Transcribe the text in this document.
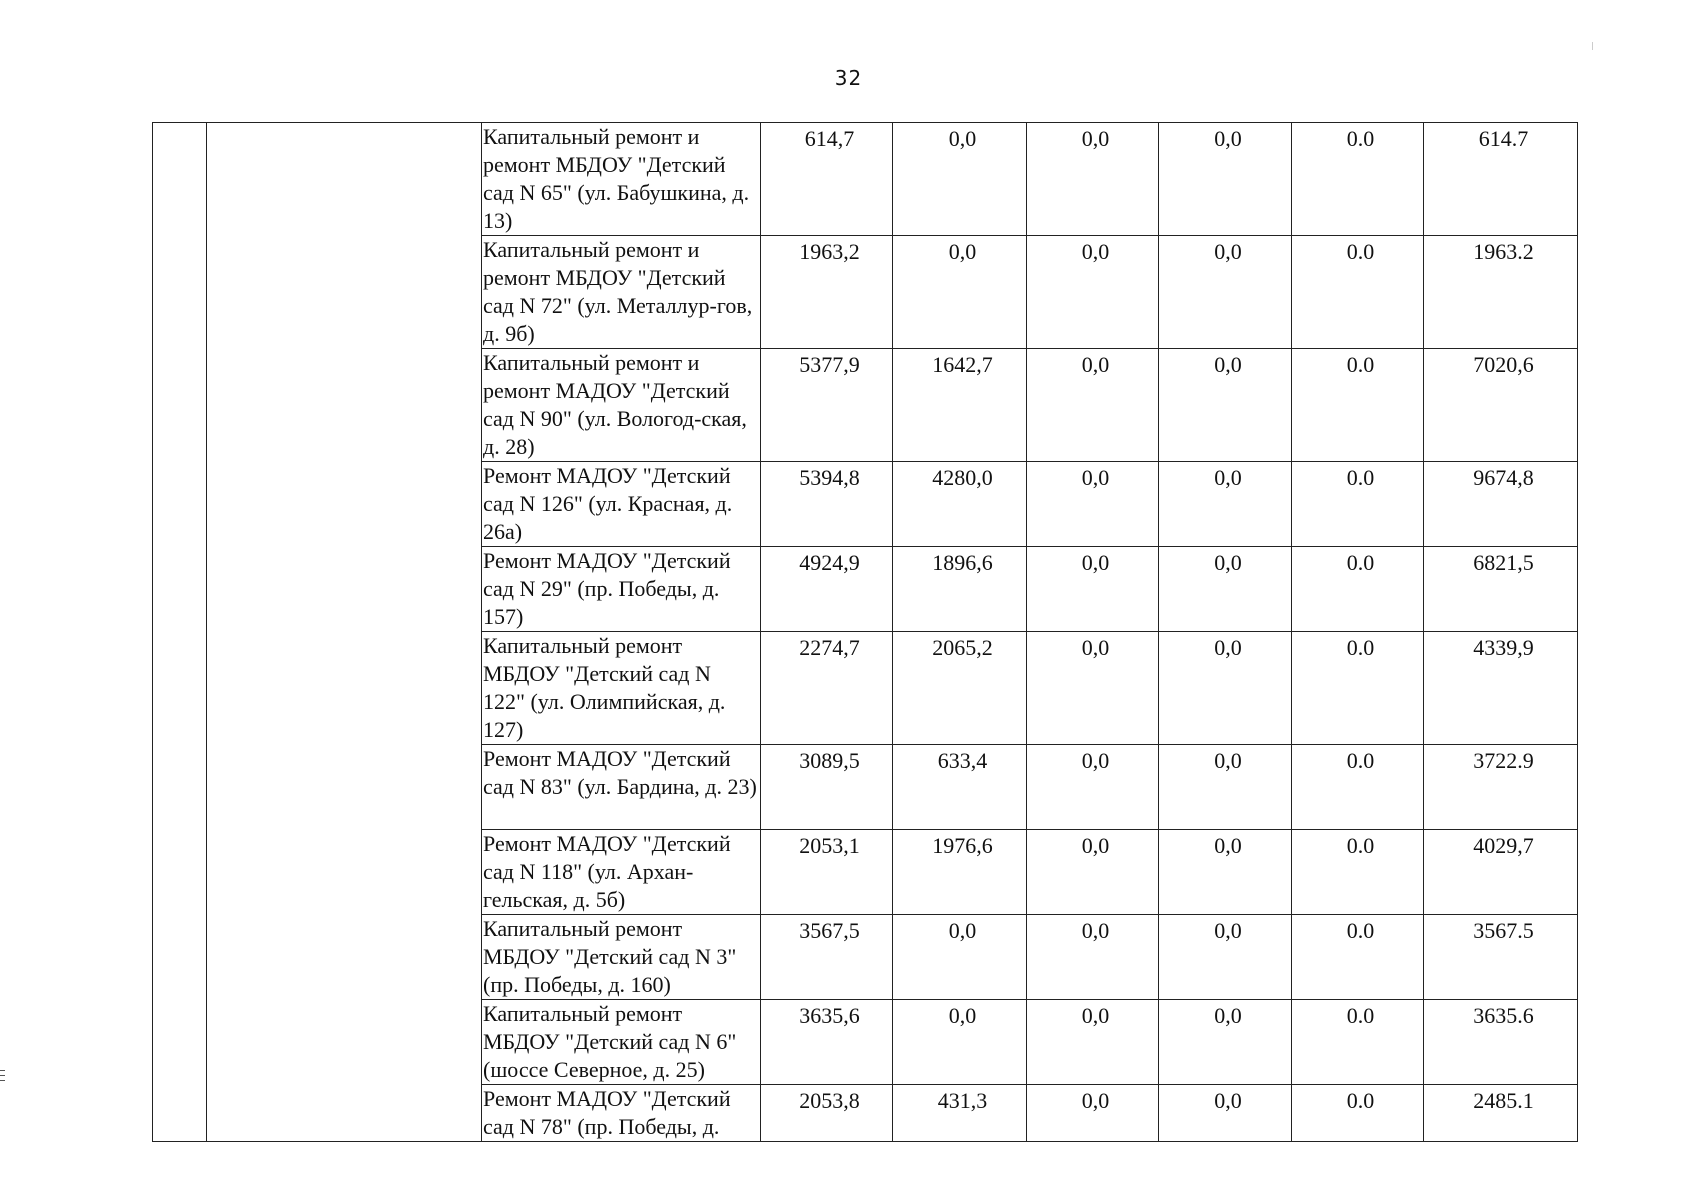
32
		Капитальный ремонт и ремонт МБДОУ "Детский сад N 65" (ул. Бабушкина, д. 13)	614,7	0,0	0,0	0,0	0.0	614.7
		Капитальный ремонт и ремонт МБДОУ "Детский сад N 72" (ул. Металлур-гов, д. 9б)	1963,2	0,0	0,0	0,0	0.0	1963.2
		Капитальный ремонт и ремонт МАДОУ "Детский сад N 90" (ул. Вологод-ская, д. 28)	5377,9	1642,7	0,0	0,0	0.0	7020,6
		Ремонт МАДОУ "Детский сад N 126" (ул. Красная, д. 26а)	5394,8	4280,0	0,0	0,0	0.0	9674,8
		Ремонт МАДОУ "Детский сад N 29" (пр. Победы, д. 157)	4924,9	1896,6	0,0	0,0	0.0	6821,5
		Капитальный ремонт МБДОУ "Детский сад N 122" (ул. Олимпийская, д. 127)	2274,7	2065,2	0,0	0,0	0.0	4339,9
		Ремонт МАДОУ "Детский сад N 83" (ул. Бардина, д. 23)	3089,5	633,4	0,0	0,0	0.0	3722.9
		Ремонт МАДОУ "Детский сад N 118" (ул. Архан-гельская, д. 5б)	2053,1	1976,6	0,0	0,0	0.0	4029,7
		Капитальный ремонт МБДОУ "Детский сад N 3" (пр. Победы, д. 160)	3567,5	0,0	0,0	0,0	0.0	3567.5
		Капитальный ремонт МБДОУ "Детский сад N 6" (шоссе Северное, д. 25)	3635,6	0,0	0,0	0,0	0.0	3635.6
		Ремонт МАДОУ "Детский сад N 78" (пр. Победы, д.	2053,8	431,3	0,0	0,0	0.0	2485.1
